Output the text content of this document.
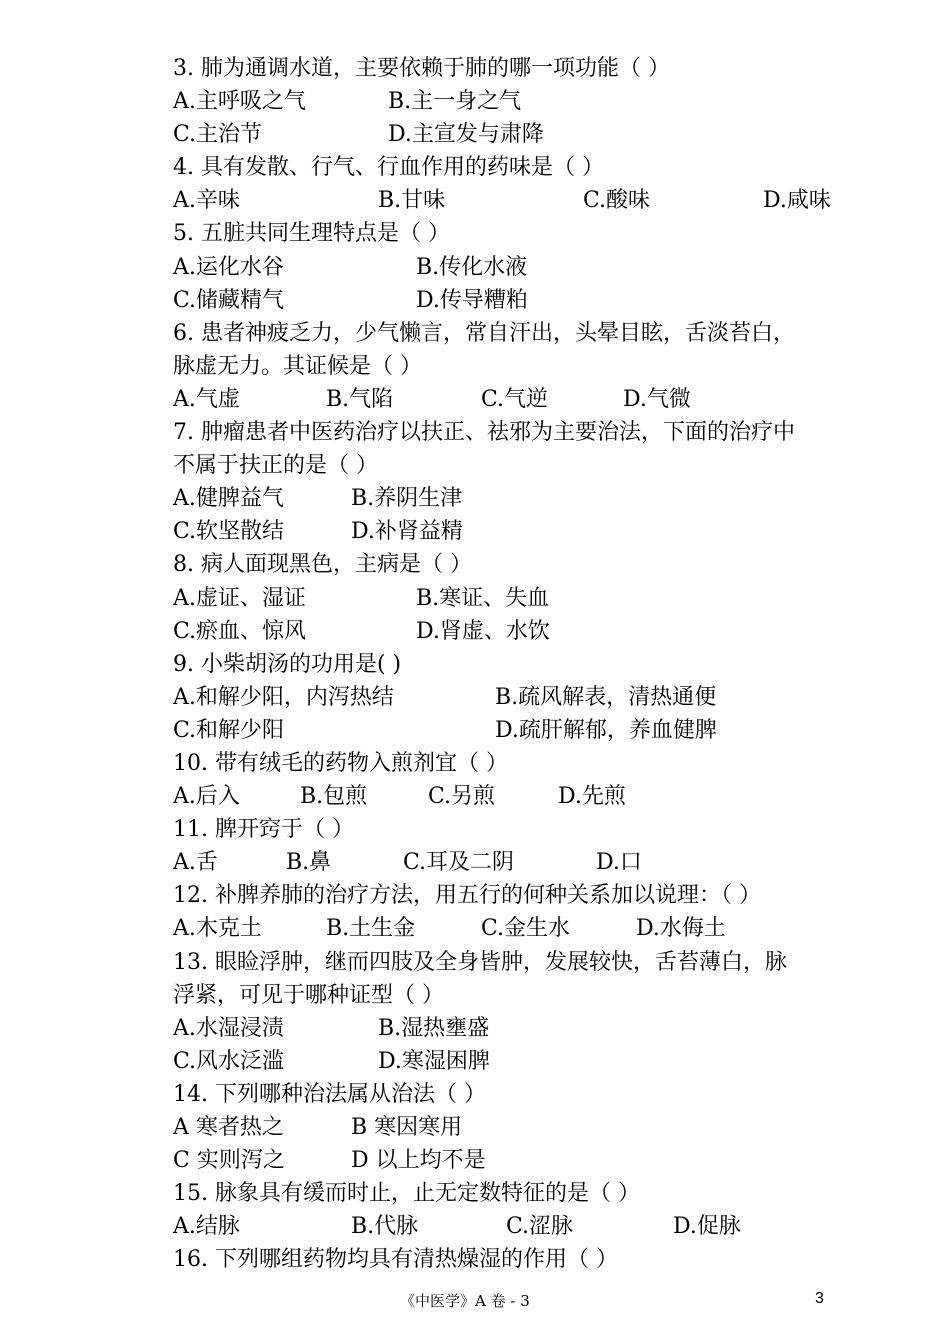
3. 肺为通调水道，主要依赖于肺的哪一项功能（ ）
A.主呼吸之气	B.主一身之气
C.主治节	D.主宣发与肃降
4. 具有发散、行气、行血作用的药味是（ ）
A.辛味	B.甘味	C.酸味	D.咸味
5. 五脏共同生理特点是（ ）
A.运化水谷	B.传化水液
C.储藏精气	D.传导糟粕
6. 患者神疲乏力，少气懒言，常自汗出，头晕目眩，舌淡苔白，
脉虚无力。其证候是（ ）
A.气虚	B.气陷	C.气逆	D.气微
7. 肿瘤患者中医药治疗以扶正、祛邪为主要治法，下面的治疗中
不属于扶正的是（ ）
A.健脾益气	B.养阴生津
C.软坚散结	D.补肾益精
8. 病人面现黑色，主病是（ ）
A.虚证、湿证	B.寒证、失血
C.瘀血、惊风	D.肾虚、水饮
9. 小柴胡汤的功用是( )
A.和解少阳，内泻热结	B.疏风解表，清热通便
C.和解少阳	D.疏肝解郁，养血健脾
10. 带有绒毛的药物入煎剂宜（ ）
A.后入	B.包煎	C.另煎	D.先煎
11. 脾开窍于（ ）
A.舌	B.鼻	C.耳及二阴	D.口
12. 补脾养肺的治疗方法，用五行的何种关系加以说理：（ ）
A.木克土	B.土生金	C.金生水	D.水侮土
13. 眼睑浮肿，继而四肢及全身皆肿，发展较快，舌苔薄白，脉
浮紧，可见于哪种证型（ ）
A.水湿浸渍	B.湿热壅盛
C.风水泛滥	D.寒湿困脾
14. 下列哪种治法属从治法（ ）
A 寒者热之	B 寒因寒用
C 实则泻之	D 以上均不是
15. 脉象具有缓而时止，止无定数特征的是（ ）
A.结脉	B.代脉	C.涩脉	D.促脉
16. 下列哪组药物均具有清热燥湿的作用（ ）
《中医学》A 卷 - 3	3
